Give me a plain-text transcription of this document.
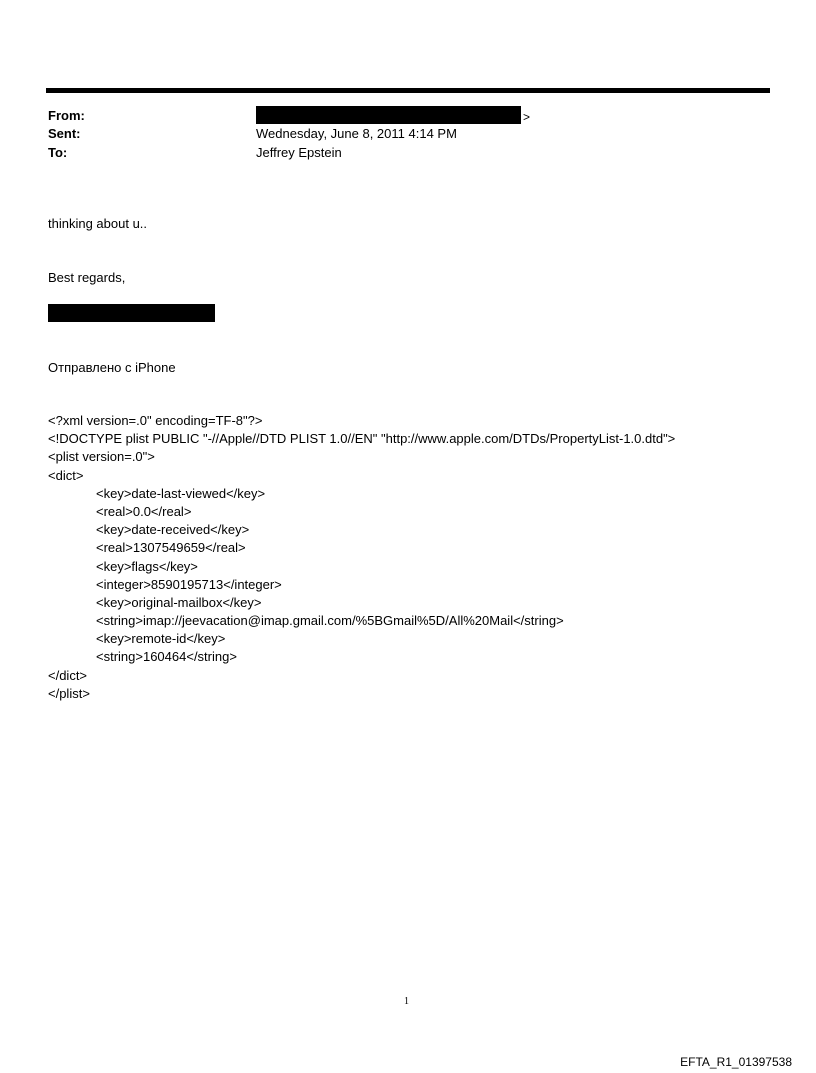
From:	>
Sent:	Wednesday, June 8, 2011 4:14 PM
To:	Jeffrey Epstein
thinking about u..
Best regards,
Отправлено с iPhone
<?xml version=.0" encoding=TF-8"?>
<!DOCTYPE plist PUBLIC "-//Apple//DTD PLIST 1.0//EN" "http://www.apple.com/DTDs/PropertyList-1.0.dtd">
<plist version=.0">
<dict>
<key>date-last-viewed</key>
<real>0.0</real>
<key>date-received</key>
<real>1307549659</real>
<key>flags</key>
<integer>8590195713</integer>
<key>original-mailbox</key>
<string>imap://jeevacation@imap.gmail.com/%5BGmail%5D/All%20Mail</string>
<key>remote-id</key>
<string>160464</string>
</dict>
</plist>
1
EFTA_R1_01397538
